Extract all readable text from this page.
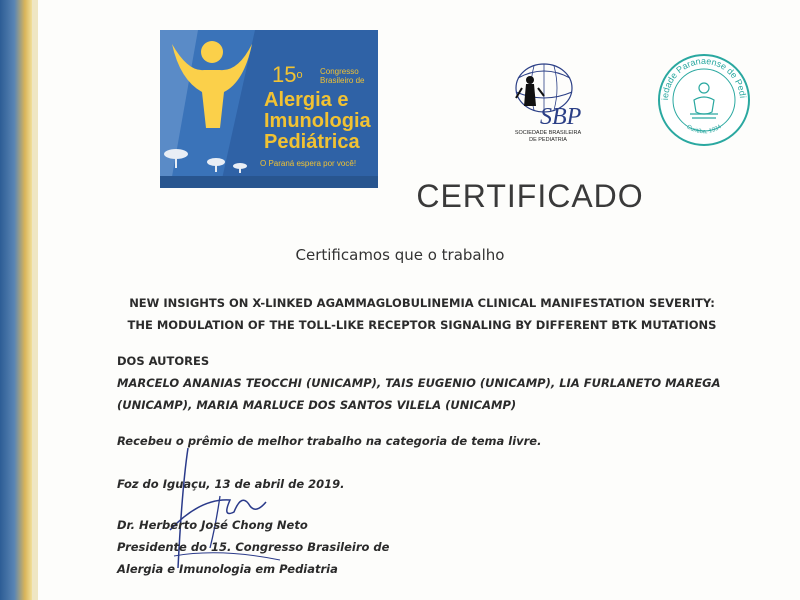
15$^o$ Congresso Brasileiro de
Alergia e
Imunologia
Pediátrica
O Paraná espera por você!
SBP
SOCIEDADE BRASILEIRA
DE PEDIATRIA
iedade Paranaense de Pedi
Curitiba, 1934
CERTIFICADO
Certificamos que o trabalho
NEW INSIGHTS ON X-LINKED AGAMMAGLOBULINEMIA CLINICAL MANIFESTATION SEVERITY:
THE MODULATION OF THE TOLL-LIKE RECEPTOR SIGNALING BY DIFFERENT BTK MUTATIONS
DOS AUTORES
MARCELO ANANIAS TEOCCHI (UNICAMP), TAIS EUGENIO (UNICAMP), LIA FURLANETO MAREGA
(UNICAMP), MARIA MARLUCE DOS SANTOS VILELA (UNICAMP)
Recebeu o prêmio de melhor trabalho na categoria de tema livre.
Foz do Iguaçu, 13 de abril de 2019.
Dr. Herberto José Chong Neto
Presidente do 15. Congresso Brasileiro de
Alergia e Imunologia em Pediatria
